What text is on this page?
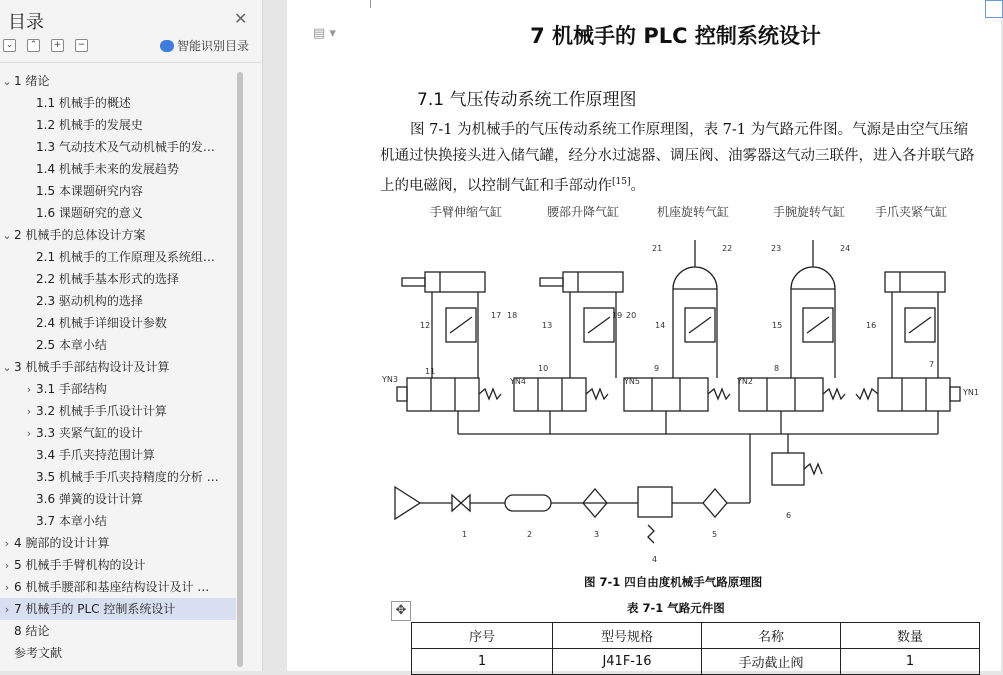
目录	✕
⌄	⌃	+	−	智能识别目录
⌄ 1 绪论
1.1 机械手的概述
1.2 机械手的发展史
1.3 气动技术及气动机械手的发…
1.4 机械手未来的发展趋势
1.5 本课题研究内容
1.6 课题研究的意义
⌄ 2 机械手的总体设计方案
2.1 机械手的工作原理及系统组…
2.2 机械手基本形式的选择
2.3 驱动机构的选择
2.4 机械手详细设计参数
2.5 本章小结
⌄ 3 机械手手部结构设计及计算
› 3.1 手部结构
› 3.2 机械手手爪设计计算
› 3.3 夹紧气缸的设计
3.4 手爪夹持范围计算
3.5 机械手手爪夹持精度的分析 …
3.6 弹簧的设计计算
3.7 本章小结
› 4 腕部的设计计算
› 5 机械手手臂机构的设计
› 6 机械手腰部和基座结构设计及计 …
› 7 机械手的 PLC 控制系统设计
8 结论
参考文献
▤ ▾	7 机械手的 PLC 控制系统设计
7.1 气压传动系统工作原理图
图 7-1 为机械手的气压传动系统工作原理图，表 7-1 为气路元件图。气源是由空气压缩机通过快换接头进入储气罐，经分水过滤器、调压阀、油雾器这气动三联件，进入各并联气路上的电磁阀，以控制气缸和手部动作[15]。
手臂伸缩气缸	腰部升降气缸	机座旋转气缸	手腕旋转气缸 手爪夹紧气缸
YN3	YN4	YN5	YN2
YN1
11	10	9	8	7
12	13	14	15	16
17 18	19 20
21	22	23	24
1	2	3
4
5
6
图 7-1 四自由度机械手气路原理图
✥	表 7-1 气路元件图
序号	型号规格	名称	数量
1	J41F-16	手动截止阀	1
